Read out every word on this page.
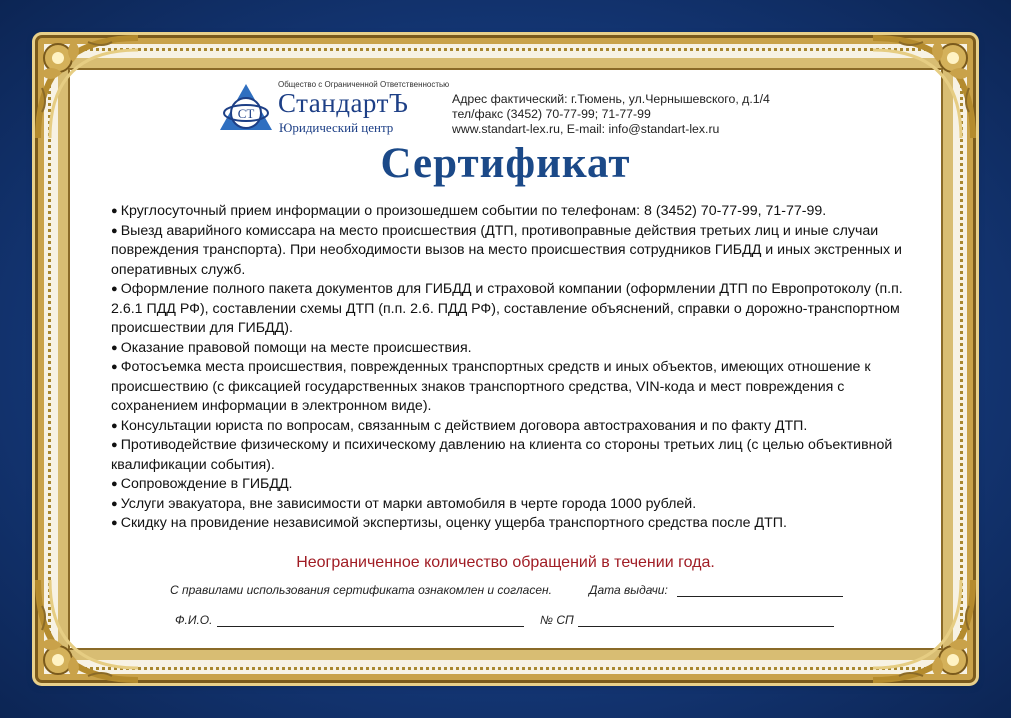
СТ
Общество с Ограниченной Ответственностью
СтандартЪ
Юридический центр
Адрес фактический: г.Тюмень, ул.Чернышевского, д.1/4
тел/факс (3452) 70-77-99; 71-77-99
www.standart-lex.ru, E-mail: info@standart-lex.ru
Сертификат
● Круглосуточный прием информации о произошедшем событии по телефонам: 8 (3452) 70-77-99, 71-77-99.
● Выезд аварийного комиссара на место происшествия (ДТП, противоправные действия третьих лиц и иные случаи повреждения транспорта). При необходимости вызов на место происшествия сотрудников ГИБДД и иных экстренных и оперативных служб.
● Оформление полного пакета документов для ГИБДД и страховой компании (оформлении ДТП по Европротоколу (п.п. 2.6.1 ПДД РФ), составлении схемы ДТП (п.п. 2.6. ПДД РФ), составление объяснений, справки о дорожно-транспортном происшествии для ГИБДД).
● Оказание правовой помощи на месте происшествия.
● Фотосъемка места происшествия, поврежденных транспортных средств и иных объектов, имеющих отношение к происшествию (с фиксацией государственных знаков транспортного средства, VIN-кода и мест повреждения с сохранением информации в электронном виде).
● Консультации юриста по вопросам, связанным с действием договора автострахования и по факту ДТП.
● Противодействие физическому и психическому давлению на клиента со стороны третьих лиц (с целью объективной квалификации события).
● Сопровождение в ГИБДД.
● Услуги эвакуатора, вне зависимости от марки автомобиля в черте города 1000 рублей.
● Скидку на провидение независимой экспертизы, оценку ущерба транспортного средства после ДТП.
Неограниченное количество обращений в течении года.
С правилами использования сертификата ознакомлен и согласен.	Дата выдачи:
Ф.И.О.	№ СП
